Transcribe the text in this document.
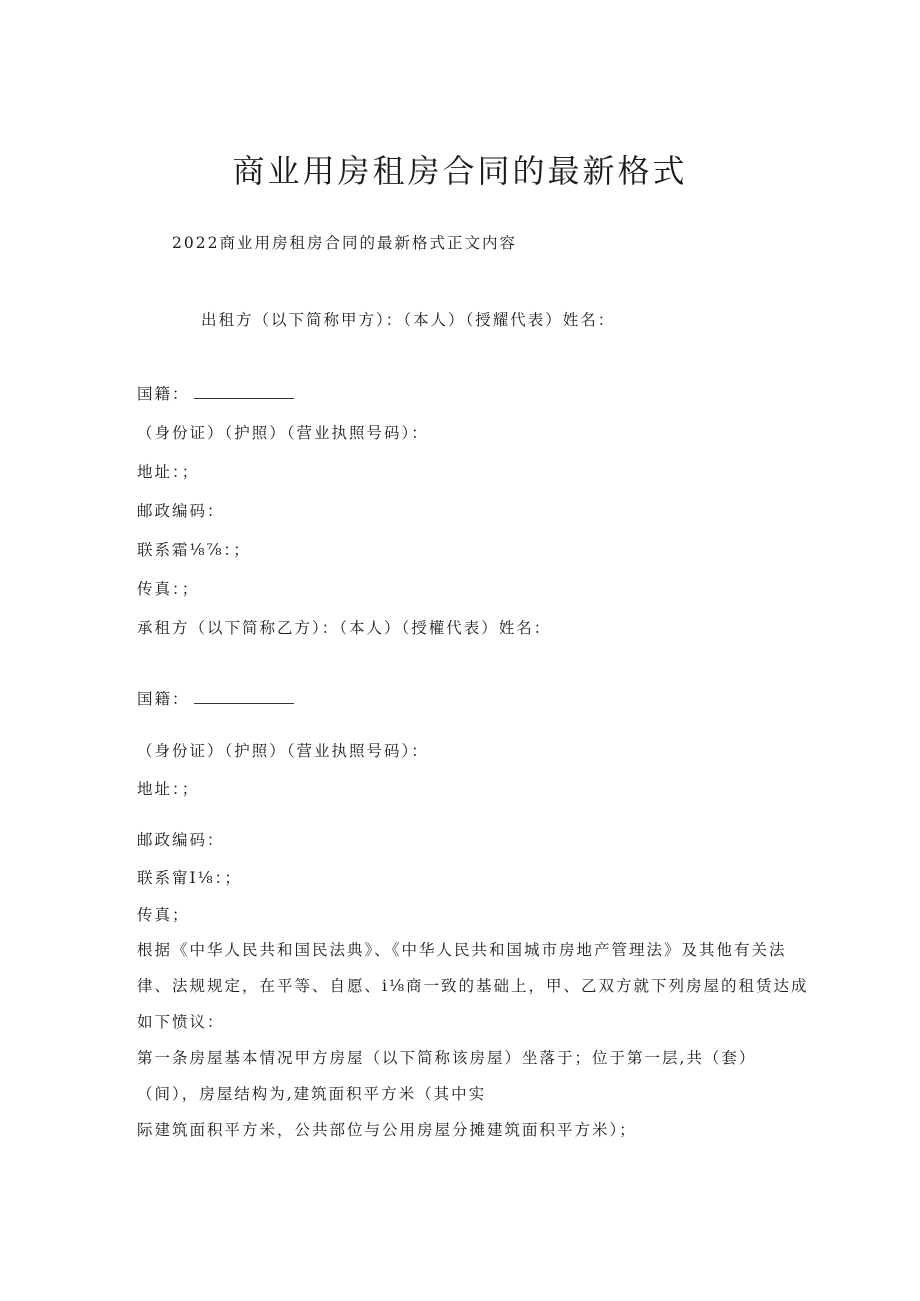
商业用房租房合同的最新格式

2022商业用房租房合同的最新格式正文内容

出租方（以下简称甲方）：（本人）（授耀代表）姓名：

国籍：

（身份证）（护照）（营业执照号码）：

地址：；

邮政编码：

联系霜⅛⅞：；

传真：；

承租方（以下简称乙方）：（本人）（授權代表）姓名：

国籍：

（身份证）（护照）（营业执照号码）：

地址：；

邮政编码：

联系甯I⅛：；

传真；

根据《中华人民共和国民法典》、《中华人民共和国城市房地产管理法》及其他有关法

律、法规规定，在平等、自愿、i⅛商一致的基础上，甲、乙双方就下列房屋的租赁达成

如下愤议：

第一条房屋基本情况甲方房屋（以下简称该房屋）坐落于；位于第一层,共（套）

（间），房屋结构为,建筑面积平方米（其中实

际建筑面积平方米，公共部位与公用房屋分摊建筑面积平方米）；
